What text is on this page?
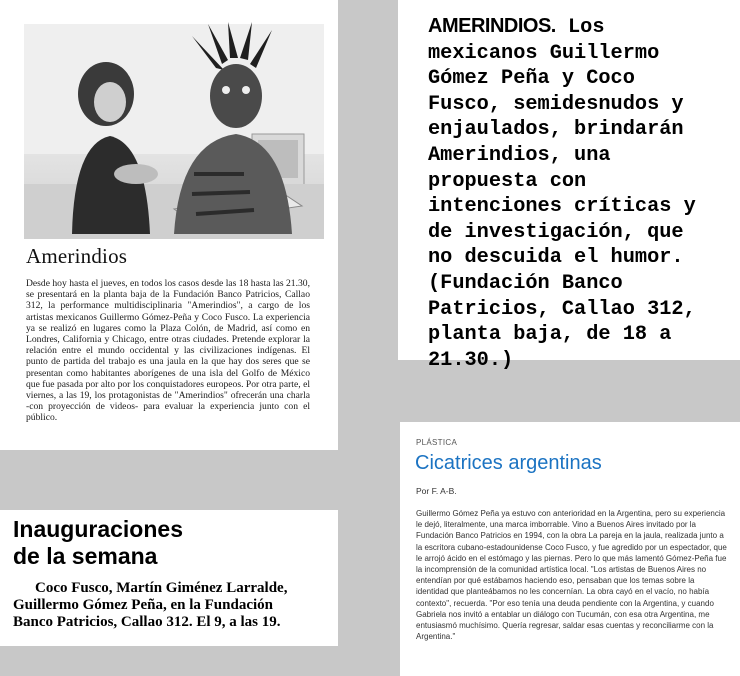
Amerindios
Desde hoy hasta el jueves, en todos los casos desde las 18 hasta las 21.30, se presentará en la planta baja de la Fundación Banco Patricios, Callao 312, la performance multidisciplinaria "Amerindios", a cargo de los artistas mexicanos Guillermo Gómez-Peña y Coco Fusco. La experiencia ya se realizó en lugares como la Plaza Colón, de Madrid, así como en Londres, California y Chicago, entre otras ciudades. Pretende explorar la relación entre el mundo occidental y las civilizaciones indígenas. El punto de partida del trabajo es una jaula en la que hay dos seres que se presentan como habitantes aborígenes de una isla del Golfo de México que fue pasada por alto por los conquistadores europeos. Por otra parte, el viernes, a las 19, los protagonistas de "Amerindios" ofrecerán una charla -con proyección de videos- para evaluar la experiencia junto con el público.
AMERINDIOS. Los mexicanos Guillermo Gómez Peña y Coco Fusco, semidesnudos y enjaulados, brindarán Amerindios, una propuesta con intenciones críticas y de investigación, que no descuida el humor.
(Fundación Banco Patricios, Callao 312, planta baja, de 18 a 21.30.)
Inauguraciones
de la semana
Coco Fusco, Martín Giménez Larralde,
Guillermo Gómez Peña, en la Fundación
Banco Patricios, Callao 312. El 9, a las 19.
PLÁSTICA
Cicatrices argentinas
Por F. A-B.
Guillermo Gómez Peña ya estuvo con anterioridad en la Argentina, pero su experiencia le dejó, literalmente, una marca imborrable. Vino a Buenos Aires invitado por la Fundación Banco Patricios en 1994, con la obra La pareja en la jaula, realizada junto a la escritora cubano-estadounidense Coco Fusco, y fue agredido por un espectador, que le arrojó ácido en el estómago y las piernas. Pero lo que más lamentó Gómez-Peña fue la incomprensión de la comunidad artística local. "Los artistas de Buenos Aires no entendían por qué estábamos haciendo eso, pensaban que los temas sobre la identidad que planteábamos no les concernían. La obra cayó en el vacío, no había contexto", recuerda. "Por eso tenía una deuda pendiente con la Argentina, y cuando Gabriela nos invitó a entablar un diálogo con Tucumán, con esa otra Argentina, me entusiasmó muchísimo. Quería regresar, saldar esas cuentas y reconciliarme con la Argentina."
